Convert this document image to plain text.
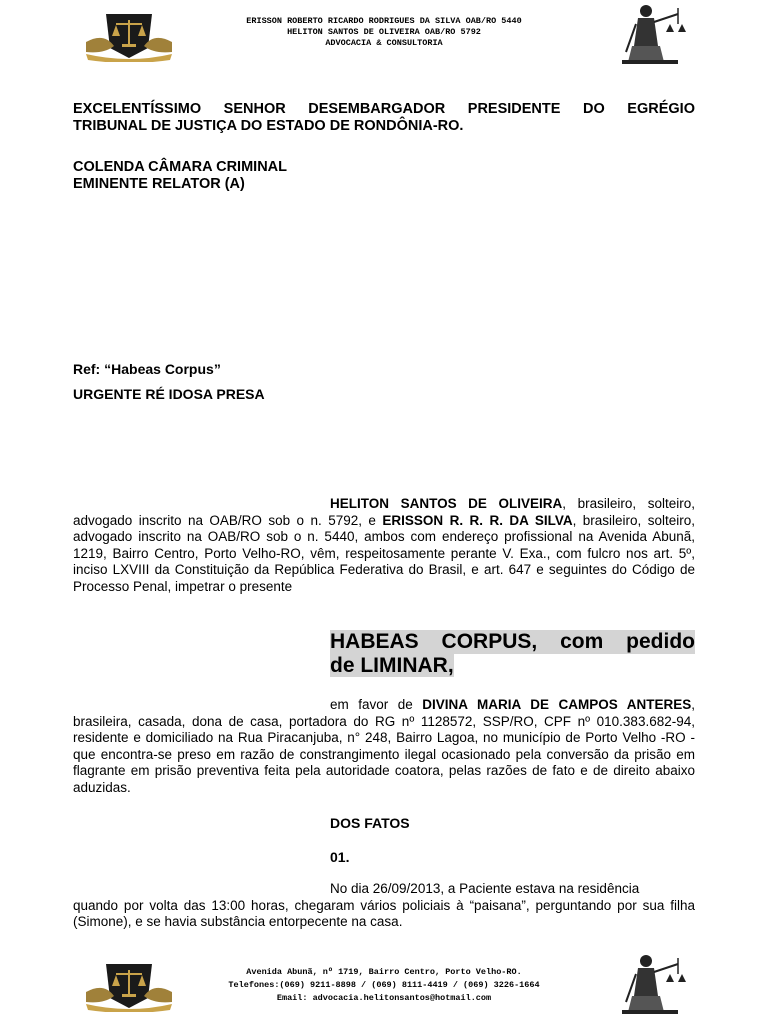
ERISSON ROBERTO RICARDO RODRIGUES DA SILVA OAB/RO 5440
HELITON SANTOS DE OLIVEIRA OAB/RO 5792
ADVOCACIA & CONSULTORIA
EXCELENTÍSSIMO SENHOR DESEMBARGADOR PRESIDENTE DO EGRÉGIO
TRIBUNAL DE JUSTIÇA DO ESTADO DE RONDÔNIA-RO.
COLENDA CÂMARA CRIMINAL
EMINENTE RELATOR (A)
Ref: “Habeas Corpus”
URGENTE RÉ IDOSA PRESA
HELITON SANTOS DE OLIVEIRA, brasileiro, solteiro, advogado inscrito na OAB/RO sob o n. 5792, e ERISSON R. R. R. DA SILVA, brasileiro, solteiro, advogado inscrito na OAB/RO sob o n. 5440, ambos com endereço profissional na Avenida Abunã, 1219, Bairro Centro, Porto Velho-RO, vêm, respeitosamente perante V. Exa., com fulcro nos art. 5º, inciso LXVIII da Constituição da República Federativa do Brasil, e art. 647 e seguintes do Código de Processo Penal, impetrar o presente
HABEAS CORPUS, com pedido
de LIMINAR,
em favor de DIVINA MARIA DE CAMPOS ANTERES, brasileira, casada, dona de casa, portadora do RG nº 1128572, SSP/RO, CPF nº 010.383.682-94, residente e domiciliado na Rua Piracanjuba, n° 248, Bairro Lagoa, no município de Porto Velho -RO - que encontra-se preso em razão de constrangimento ilegal ocasionado pela conversão da prisão em flagrante em prisão preventiva feita pela autoridade coatora, pelas razões de fato e de direito abaixo aduzidas.
DOS FATOS
01.
No dia 26/09/2013, a Paciente estava na residência
quando por volta das 13:00 horas, chegaram vários policiais à “paisana”, perguntando por sua filha (Simone), e se havia substância entorpecente na casa.
Avenida Abunã, nº 1719, Bairro Centro, Porto Velho-RO.
Telefones:(069) 9211-8898 / (069) 8111-4419 / (069) 3226-1664
Email: advocacia.helitonsantos@hotmail.com
